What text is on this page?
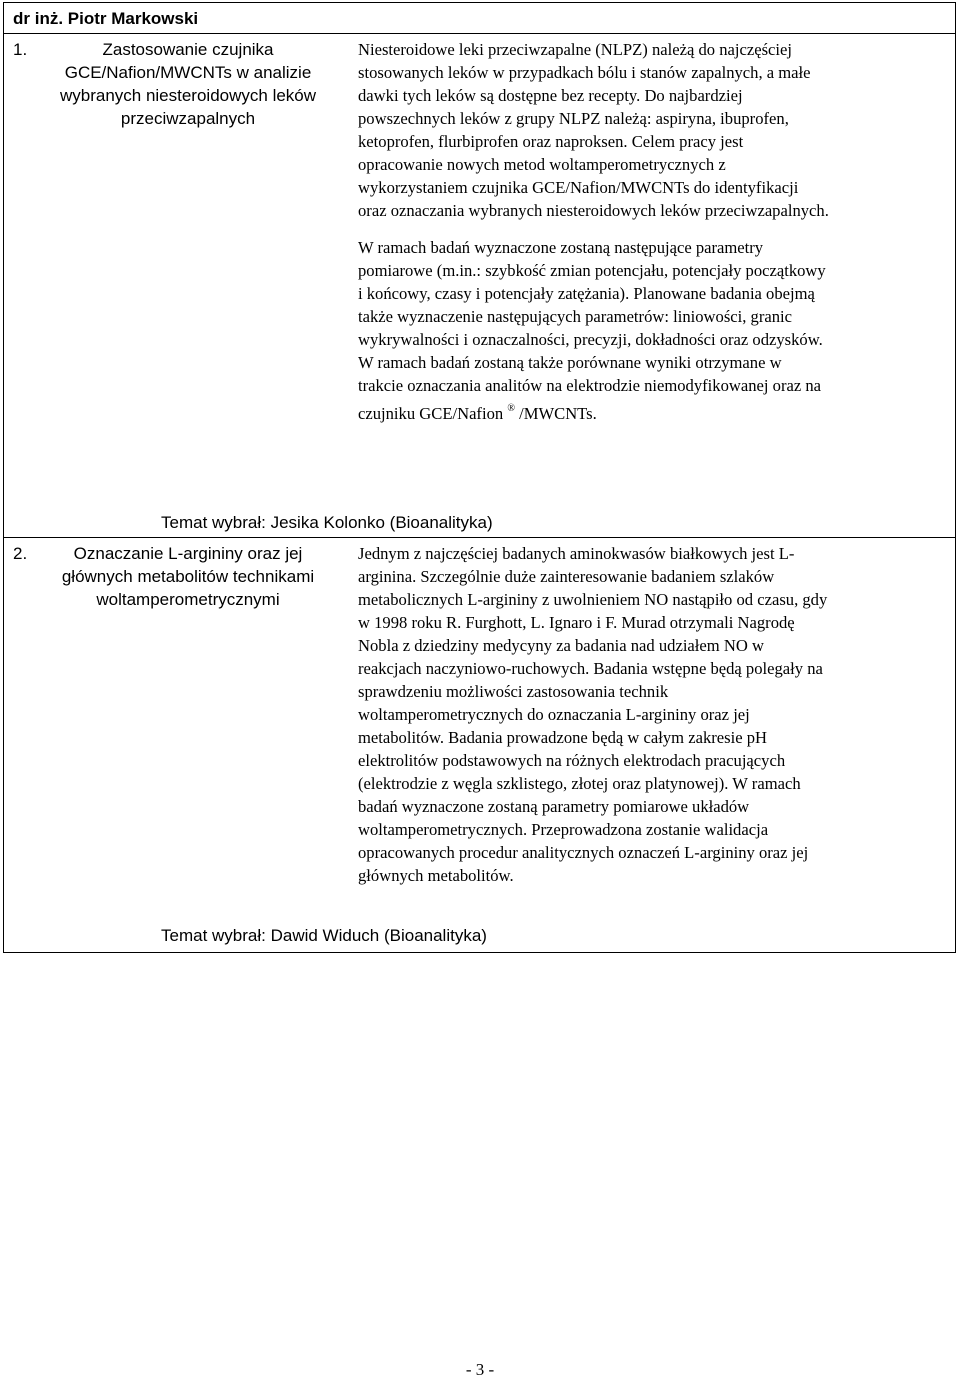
dr inż. Piotr Markowski
1.	Zastosowanie czujnika GCE/Nafion/MWCNTs w analizie wybranych niesteroidowych leków przeciwzapalnych

Niesteroidowe leki przeciwzapalne (NLPZ) należą do najczęściej stosowanych leków w przypadkach bólu i stanów zapalnych, a małe dawki tych leków są dostępne bez recepty. Do najbardziej powszechnych leków z grupy NLPZ należą: aspiryna, ibuprofen, ketoprofen, flurbiprofen oraz naproksen. Celem pracy jest opracowanie nowych metod woltamperometrycznych z wykorzystaniem czujnika GCE/Nafion/MWCNTs do identyfikacji oraz oznaczania wybranych niesteroidowych leków przeciwzapalnych.

W ramach badań wyznaczone zostaną następujące parametry pomiarowe (m.in.: szybkość zmian potencjału, potencjały początkowy i końcowy, czasy i potencjały zatężania). Planowane badania obejmą także wyznaczenie następujących parametrów: liniowości, granic wykrywalności i oznaczalności, precyzji, dokładności oraz odzysków. W ramach badań zostaną także porównane wyniki otrzymane w trakcie oznaczania analitów na elektrodzie niemodyfikowanej oraz na czujniku GCE/Nafion ® /MWCNTs.

Temat wybrał: Jesika Kolonko (Bioanalityka)
2.	Oznaczanie L-argininy oraz jej głównych metabolitów technikami woltamperometrycznymi

Jednym z najczęściej badanych aminokwasów białkowych jest L-arginina. Szczególnie duże zainteresowanie badaniem szlaków metabolicznych L-argininy z uwolnieniem NO nastąpiło od czasu, gdy w 1998 roku R. Furghott, L. Ignaro i F. Murad otrzymali Nagrodę Nobla z dziedziny medycyny za badania nad udziałem NO w reakcjach naczyniowo-ruchowych. Badania wstępne będą polegały na sprawdzeniu możliwości zastosowania technik woltamperometrycznych do oznaczania L-argininy oraz jej metabolitów. Badania prowadzone będą w całym zakresie pH elektrolitów podstawowych na różnych elektrodach pracujących (elektrodzie z węgla szklistego, złotej oraz platynowej). W ramach badań wyznaczone zostaną parametry pomiarowe układów woltamperometrycznych. Przeprowadzona zostanie walidacja opracowanych procedur analitycznych oznaczeń L-argininy oraz jej głównych metabolitów.

Temat wybrał: Dawid Widuch (Bioanalityka)
- 3 -
